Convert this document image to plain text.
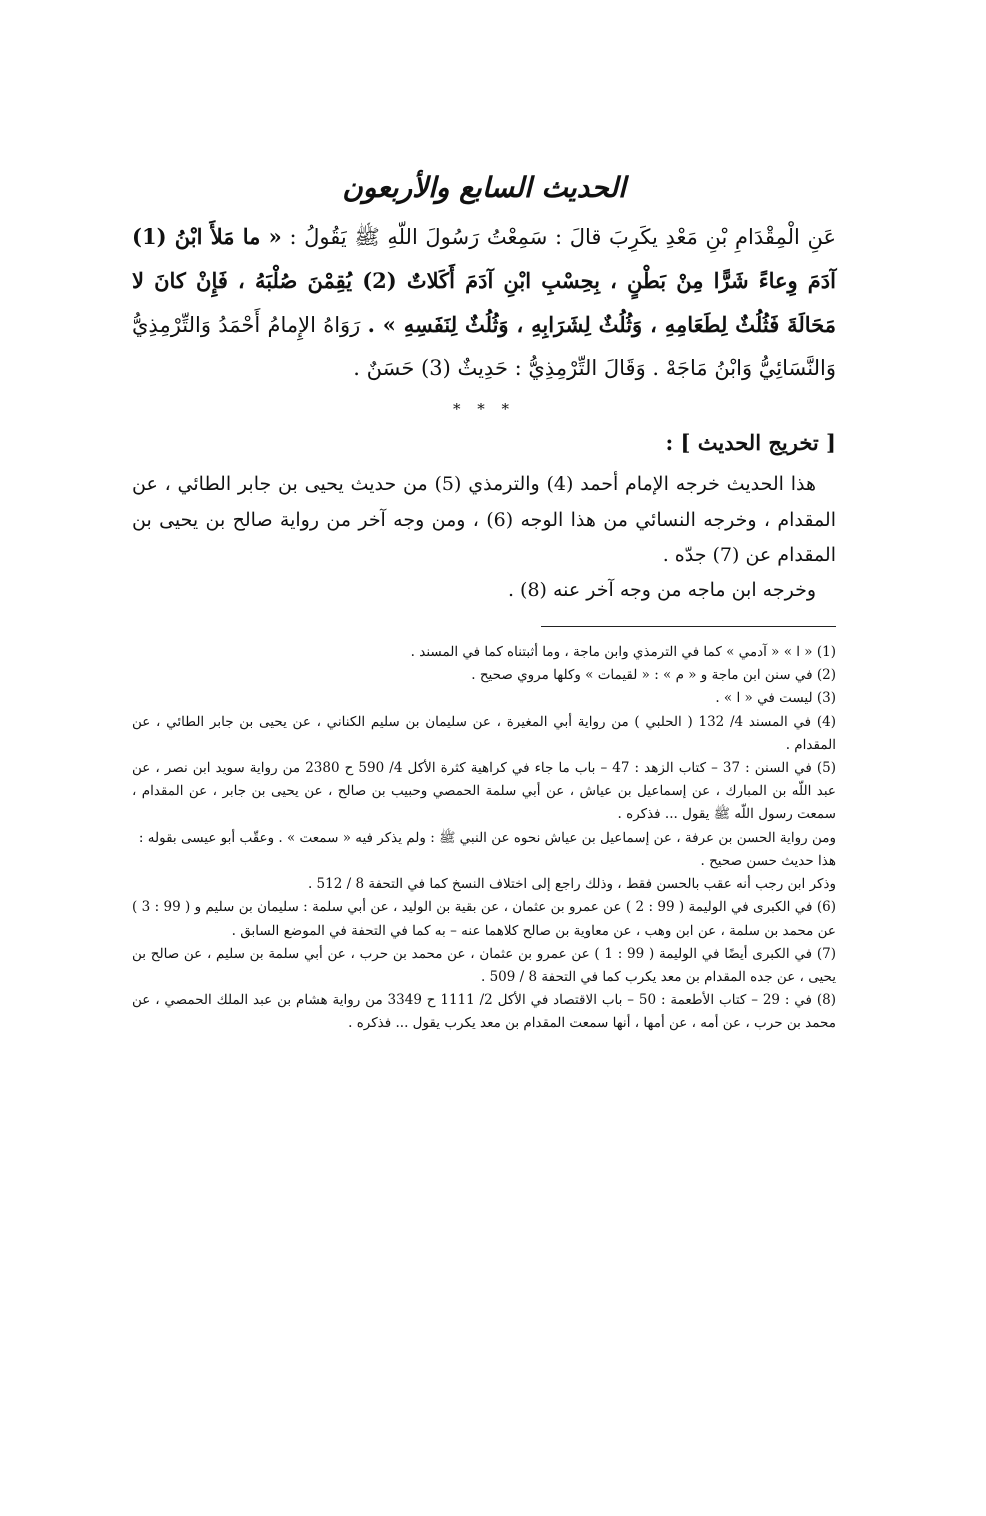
الحديث السابع والأربعون

عَنِ الْمِقْدَامِ بْنِ مَعْدِ يكَرِبَ قالَ : سَمِعْتُ رَسُولَ اللّهِ ﷺ يَقُولُ : « ما مَلأَ ابْنُ (1) آدَمَ وِعاءً شَرًّا مِنْ بَطْنٍ ، بِحِسْبِ ابْنِ آدَمَ أَكَلاتٌ (2) يُقِمْنَ صُلْبَهُ ، فَإِنْ كانَ لا مَحَالَةَ فَثُلُثٌ لِطَعَامِهِ ، وَثُلُثٌ لِشَرَابِهِ ، وَثُلُثٌ لِنَفَسِهِ » . رَوَاهُ الإِمامُ أَحْمَدُ وَالتِّرْمِذِيُّ وَالنَّسَائِيُّ وَابْنُ مَاجَهْ . وَقَالَ التِّرْمِذِيُّ : حَدِيثٌ (3) حَسَنٌ .

* * *
[ تخريج الحديث ] :

هذا الحديث خرجه الإمام أحمد (4) والترمذي (5) من حديث يحيى بن جابر الطائي ، عن المقدام ، وخرجه النسائي من هذا الوجه (6) ، ومن وجه آخر من رواية صالح بن يحيى بن المقدام عن (7) جدّه .

وخرجه ابن ماجه من وجه آخر عنه (8) .

(1) « ا » « آدمي » كما في الترمذي وابن ماجة ، وما أثبتناه كما في المسند .

(2) في سنن ابن ماجة و « م » : « لقيمات » وكلها مروي صحيح .

(3) ليست في « ا » .

(4) في المسند 4/ 132 ( الحلبي ) من رواية أبي المغيرة ، عن سليمان بن سليم الكناني ، عن يحيى بن جابر الطائي ، عن المقدام .

(5) في السنن : 37 – كتاب الزهد : 47 – باب ما جاء في كراهية كثرة الأكل 4/ 590 ح 2380 من رواية سويد ابن نصر ، عن عبد اللّه بن المبارك ، عن إسماعيل بن عياش ، عن أبي سلمة الحمصي وحبيب بن صالح ، عن يحيى بن جابر ، عن المقدام ، سمعت رسول اللّه ﷺ يقول ... فذكره .

ومن رواية الحسن بن عرفة ، عن إسماعيل بن عياش نحوه عن النبي ﷺ : ولم يذكر فيه « سمعت » . وعقّب أبو عيسى بقوله :

هذا حديث حسن صحيح .

وذكر ابن رجب أنه عقب بالحسن فقط ، وذلك راجع إلى اختلاف النسخ كما في التحفة 8 / 512 .

(6) في الكبرى في الوليمة ( 99 : 2 ) عن عمرو بن عثمان ، عن بقية بن الوليد ، عن أبي سلمة : سليمان بن سليم و ( 99 : 3 ) عن محمد بن سلمة ، عن ابن وهب ، عن معاوية بن صالح كلاهما عنه – به كما في التحفة في الموضع السابق .

(7) في الكبرى أيضًا في الوليمة ( 99 : 1 ) عن عمرو بن عثمان ، عن محمد بن حرب ، عن أبي سلمة بن سليم ، عن صالح بن يحيى ، عن جده المقدام بن معد يكرب كما في التحفة 8 / 509 .

(8) في : 29 – كتاب الأطعمة : 50 – باب الاقتصاد في الأكل 2/ 1111 ح 3349 من رواية هشام بن عبد الملك الحمصي ، عن محمد بن حرب ، عن أمه ، عن أمها ، أنها سمعت المقدام بن معد يكرب يقول ... فذكره .
